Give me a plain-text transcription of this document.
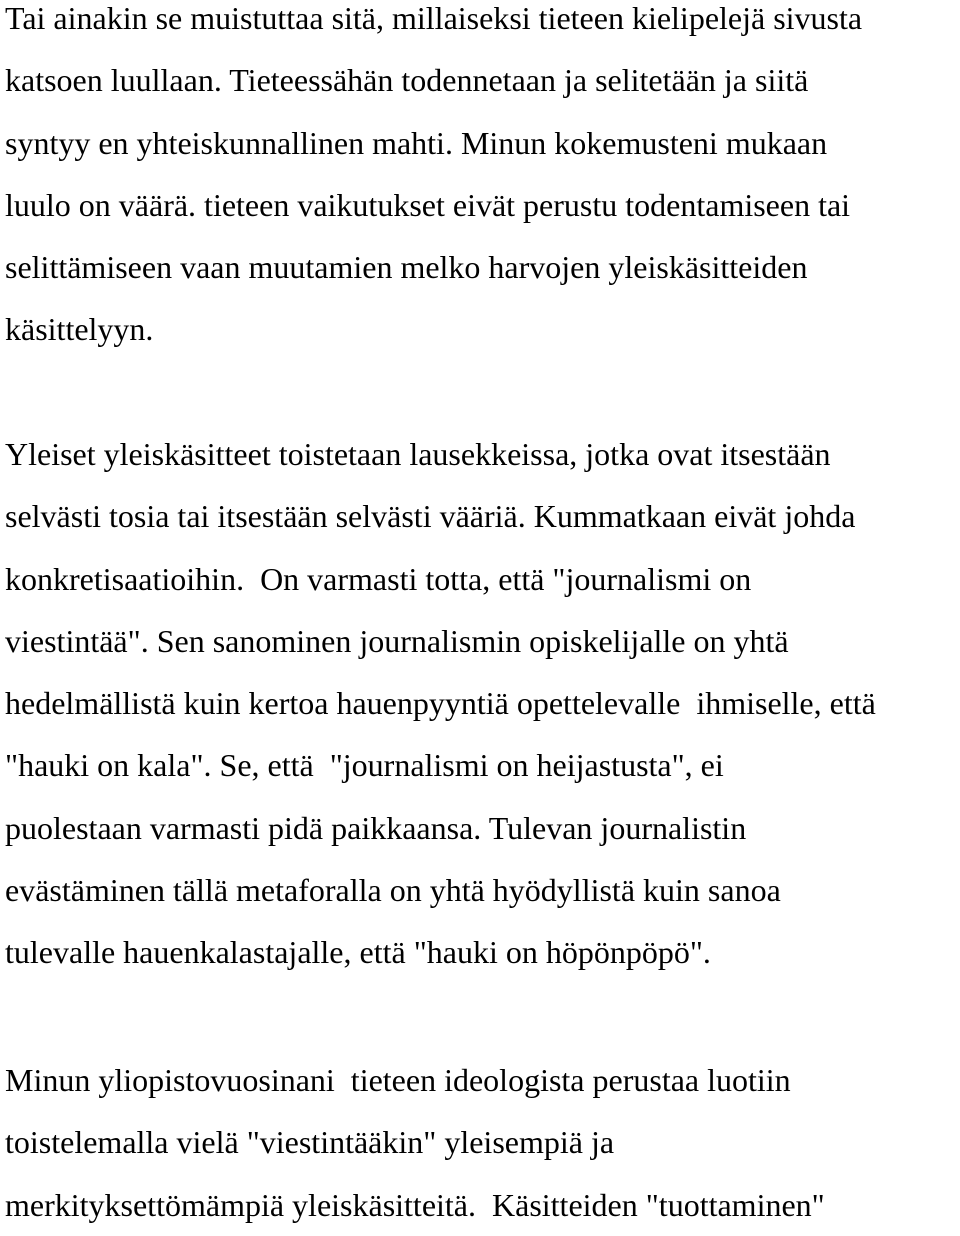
Tai ainakin se muistuttaa sitä, millaiseksi tieteen kielipelejä sivusta
katsoen luullaan. Tieteessähän todennetaan ja selitetään ja siitä
syntyy en yhteiskunnallinen mahti. Minun kokemusteni mukaan
luulo on väärä. tieteen vaikutukset eivät perustu todentamiseen tai
selittämiseen vaan muutamien melko harvojen yleiskäsitteiden
käsittelyyn.
Yleiset yleiskäsitteet toistetaan lausekkeissa, jotka ovat itsestään
selvästi tosia tai itsestään selvästi vääriä. Kummatkaan eivät johda
konkretisaatioihin.  On varmasti totta, että "journalismi on
viestintää". Sen sanominen journalismin opiskelijalle on yhtä
hedelmällistä kuin kertoa hauenpyyntiä opettelevalle  ihmiselle, että
"hauki on kala". Se, että  "journalismi on heijastusta", ei
puolestaan varmasti pidä paikkaansa. Tulevan journalistin
evästäminen tällä metaforalla on yhtä hyödyllistä kuin sanoa
tulevalle hauenkalastajalle, että "hauki on höpönpöpö".
Minun yliopistovuosinani  tieteen ideologista perustaa luotiin
toistelemalla vielä "viestintääkin" yleisempiä ja
merkityksettömämpiä yleiskäsitteitä.  Käsitteiden "tuottaminen"
